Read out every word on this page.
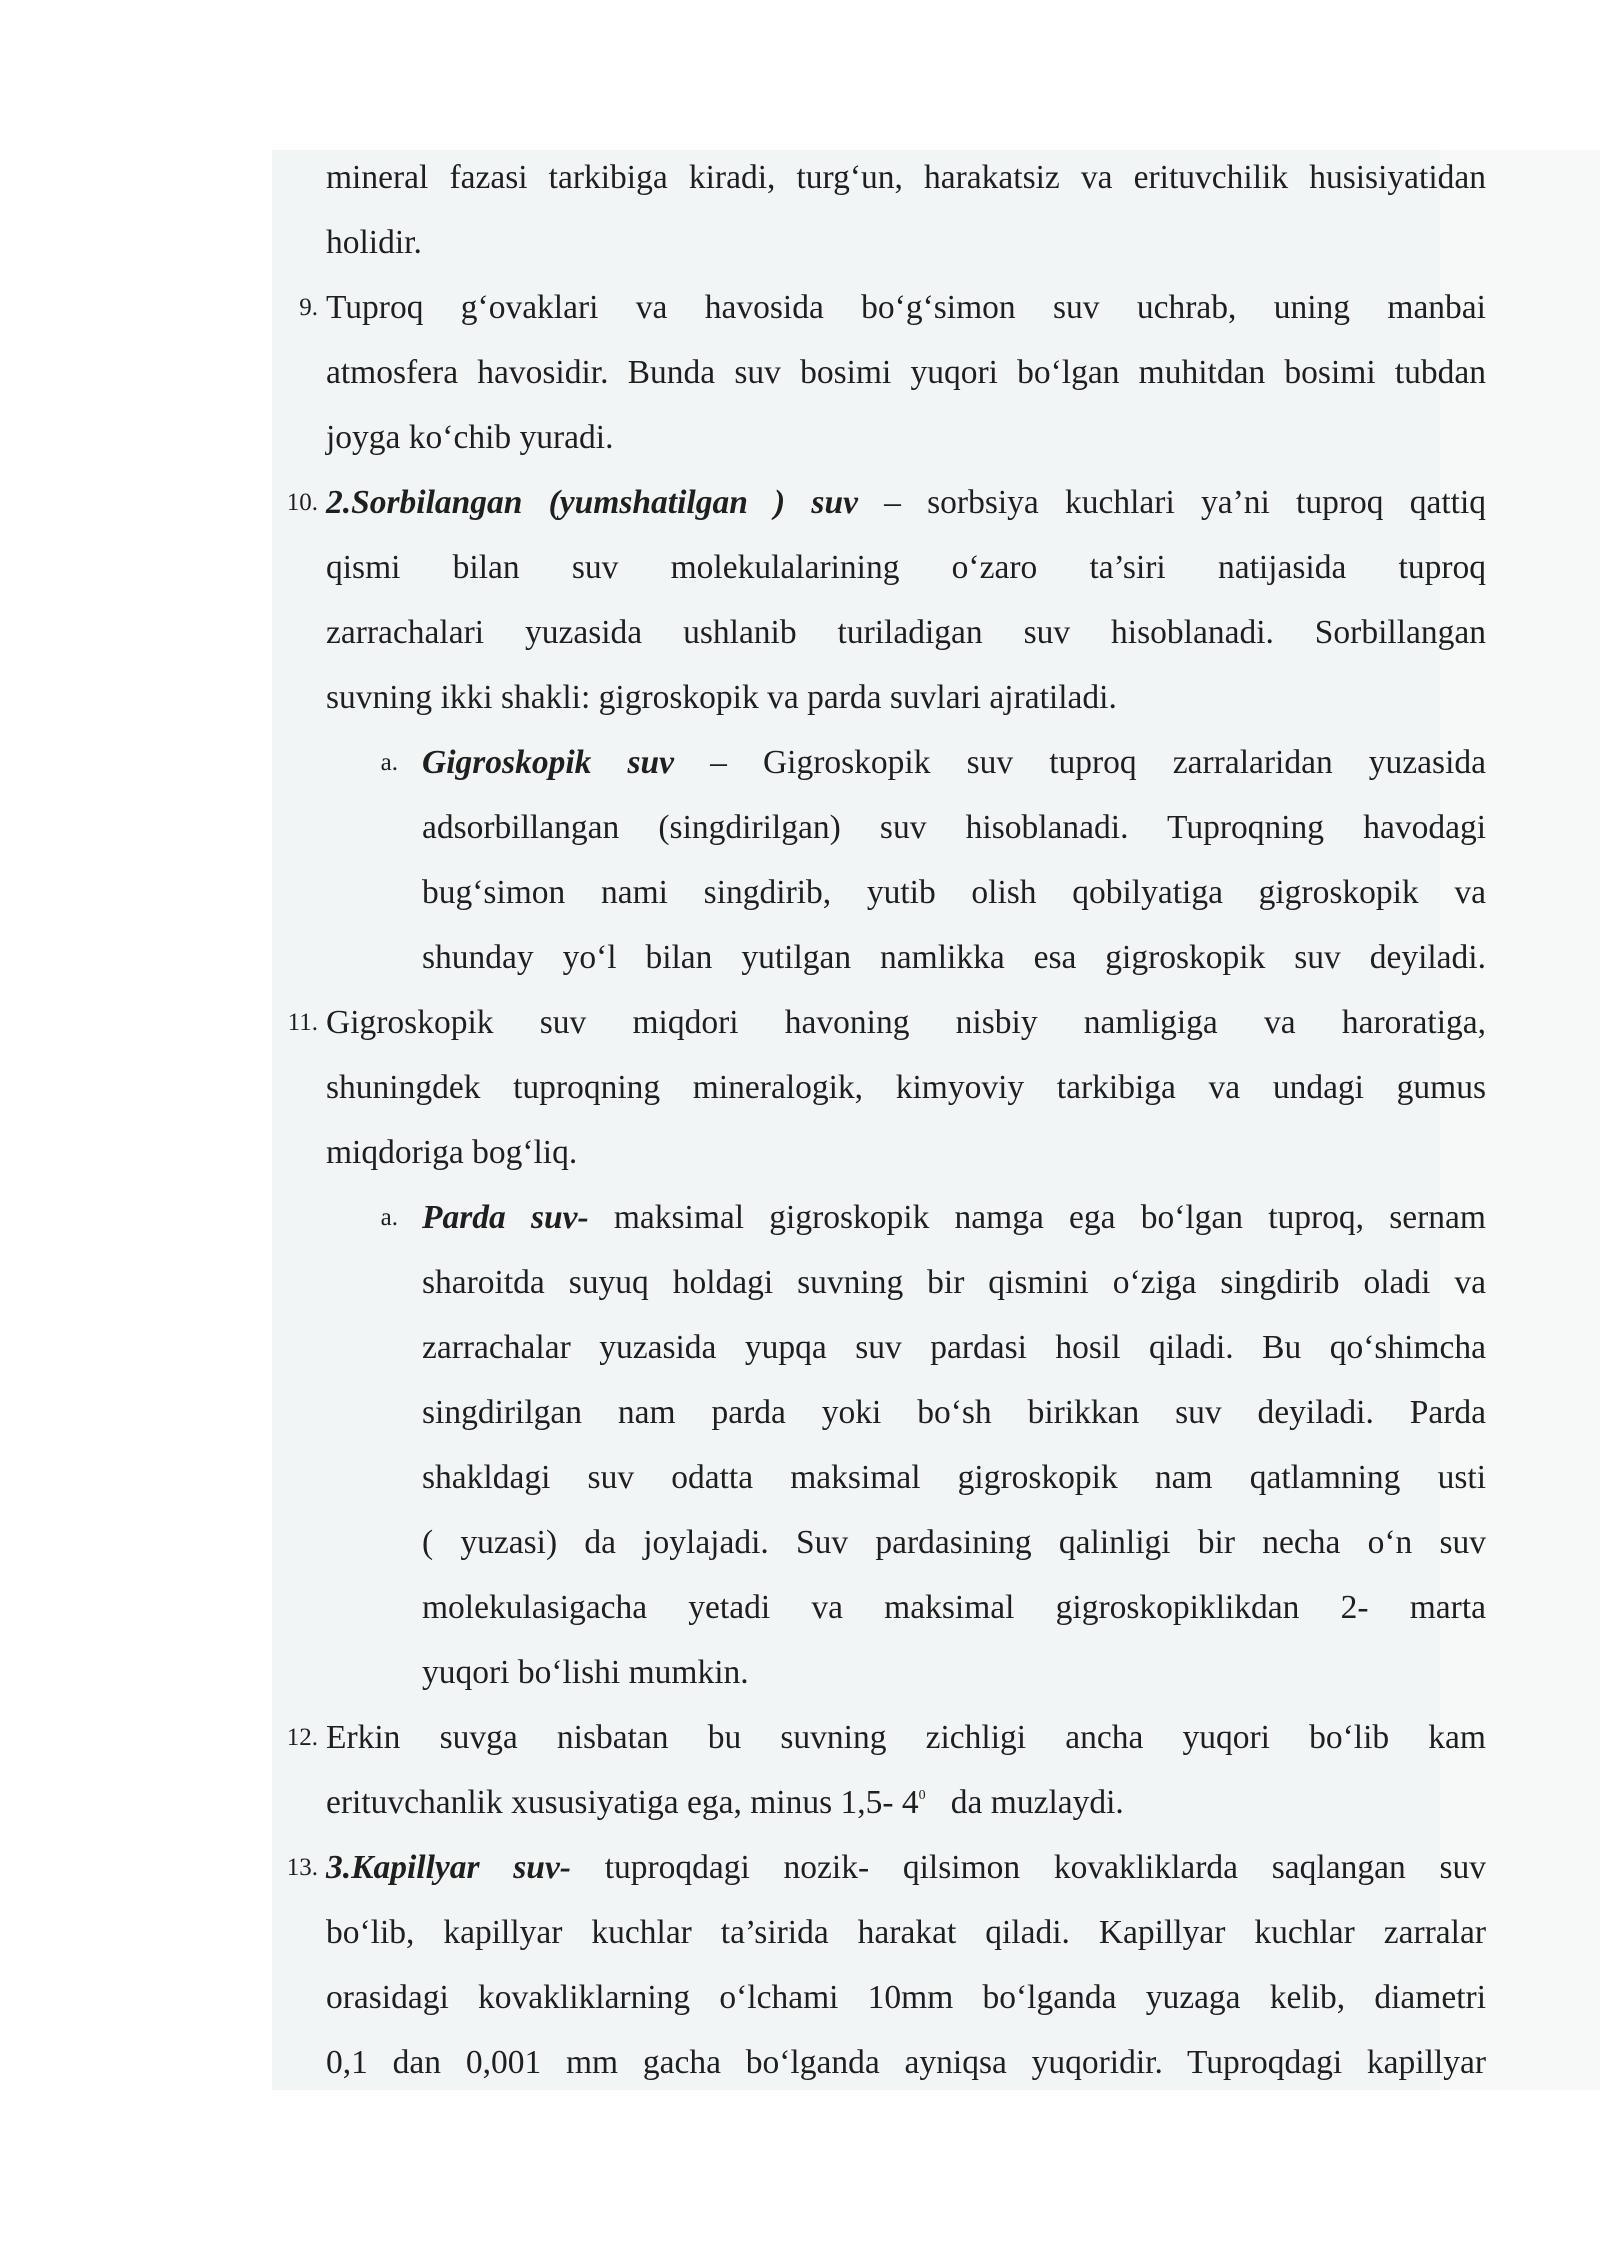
mineral fazasi tarkibiga kiradi, turg‘un, harakatsiz va erituvchilik husisiyatidan
holidir.
9. Tuproq g‘ovaklari va havosida bo‘g‘simon suv uchrab, uning manbai
atmosfera havosidir. Bunda suv bosimi yuqori bo‘lgan muhitdan bosimi tubdan
joyga ko‘chib yuradi.
10. 2.Sorbilangan (yumshatilgan ) suv – sorbsiya kuchlari ya’ni tuproq qattiq
qismi bilan suv molekulalarining o‘zaro ta’siri natijasida tuproq
zarrachalari yuzasida ushlanib turiladigan suv hisoblanadi. Sorbillangan
suvning ikki shakli: gigroskopik va parda suvlari ajratiladi.
a. Gigroskopik suv – Gigroskopik suv tuproq zarralaridan yuzasida
adsorbillangan (singdirilgan) suv hisoblanadi. Tuproqning havodagi
bug‘simon nami singdirib, yutib olish qobilyatiga gigroskopik va
shunday yo‘l bilan yutilgan namlikka esa gigroskopik suv deyiladi.
11. Gigroskopik suv miqdori havoning nisbiy namligiga va haroratiga,
shuningdek tuproqning mineralogik, kimyoviy tarkibiga va undagi gumus
miqdoriga bog‘liq.
a. Parda suv- maksimal gigroskopik namga ega bo‘lgan tuproq, sernam
sharoitda suyuq holdagi suvning bir qismini o‘ziga singdirib oladi va
zarrachalar yuzasida yupqa suv pardasi hosil qiladi. Bu qo‘shimcha
singdirilgan nam parda yoki bo‘sh birikkan suv deyiladi. Parda
shakldagi suv odatta maksimal gigroskopik nam qatlamning usti
( yuzasi) da joylajadi. Suv pardasining qalinligi bir necha o‘n suv
molekulasigacha yetadi va maksimal gigroskopiklikdan 2- marta
yuqori bo‘lishi mumkin.
12. Erkin suvga nisbatan bu suvning zichligi ancha yuqori bo‘lib kam
erituvchanlik xususiyatiga ega, minus 1,5- $4^0$   da muzlaydi.
13. 3.Kapillyar suv- tuproqdagi nozik- qilsimon kovakliklarda saqlangan suv
bo‘lib, kapillyar kuchlar ta’sirida harakat qiladi. Kapillyar kuchlar zarralar
orasidagi kovakliklarning o‘lchami 10mm bo‘lganda yuzaga kelib, diametri
0,1 dan 0,001 mm gacha bo‘lganda ayniqsa yuqoridir. Tuproqdagi kapillyar
